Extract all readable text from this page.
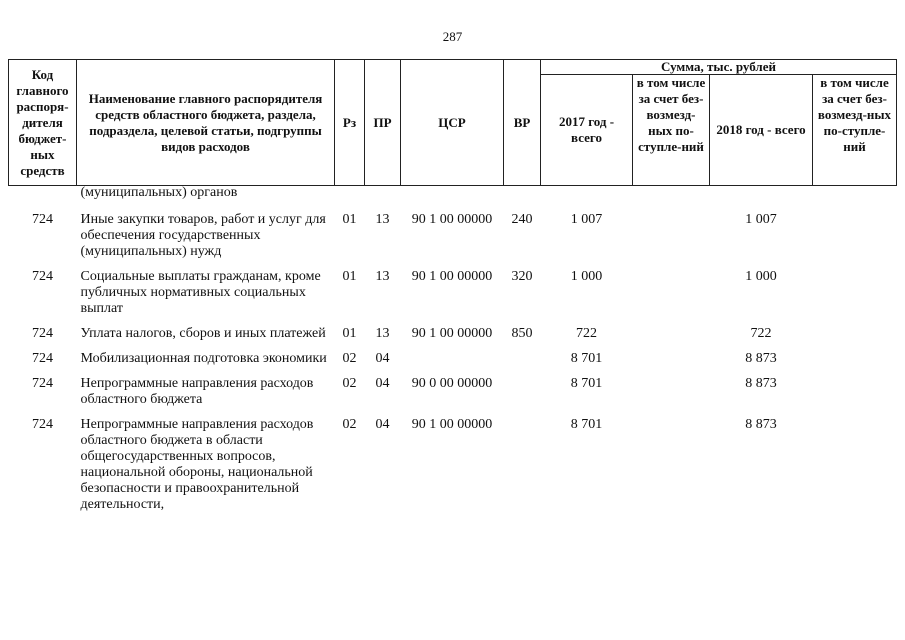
287
Код главного распоря-дителя бюджет-ных средств	Наименование главного распорядителя средств областного бюджета, раздела, подраздела, целевой статьи, подгруппы видов расходов	Рз	ПР	ЦСР	ВР	Сумма, тыс. рублей			
						2017 год - всего	в том числе за счет без-возмезд-ных по-ступле-ний	2018 год - всего	в том числе за счет без-возмезд-ных по-ступле-ний
	(муниципальных) органов								
724	Иные закупки товаров, работ и услуг для обеспечения государственных (муниципальных) нужд	01	13	90 1 00 00000	240	1 007		1 007	
724	Социальные выплаты гражданам, кроме публичных нормативных социальных выплат	01	13	90 1 00 00000	320	1 000		1 000	
724	Уплата налогов, сборов и иных платежей	01	13	90 1 00 00000	850	722		722	
724	Мобилизационная подготовка экономики	02	04			8 701		8 873	
724	Непрограммные направления расходов областного бюджета	02	04	90 0 00 00000		8 701		8 873	
724	Непрограммные направления расходов областного бюджета в области общегосударственных вопросов, национальной обороны, национальной безопасности и правоохранительной деятельности,	02	04	90 1 00 00000		8 701		8 873	
